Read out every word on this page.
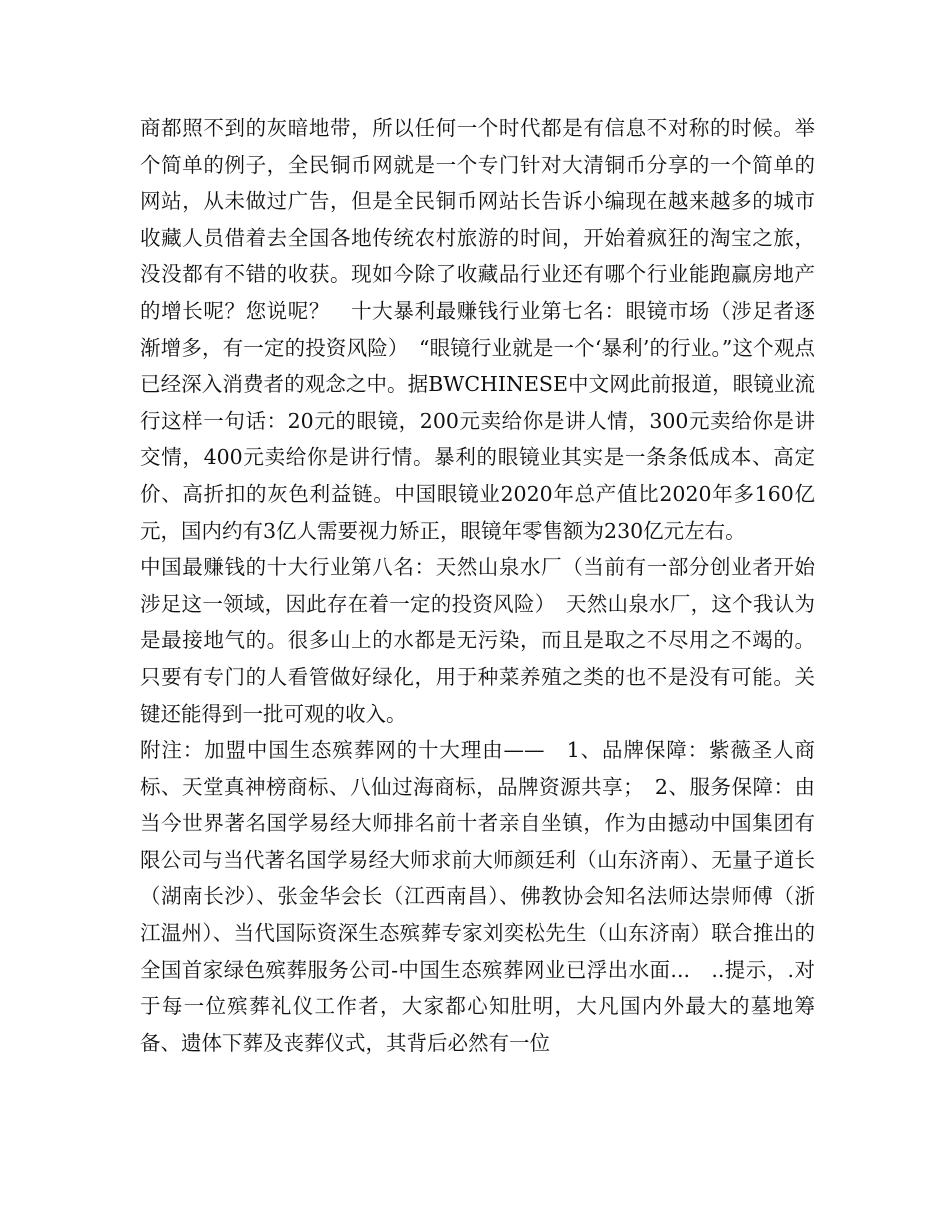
商都照不到的灰暗地带，所以任何一个时代都是有信息不对称的时候。举个简单的例子，全民铜币网就是一个专门针对大清铜币分享的一个简单的网站，从未做过广告，但是全民铜币网站长告诉小编现在越来越多的城市收藏人员借着去全国各地传统农村旅游的时间，开始着疯狂的淘宝之旅，没没都有不错的收获。现如今除了收藏品行业还有哪个行业能跑赢房地产的增长呢？您说呢？　十大暴利最赚钱行业第七名：眼镜市场（涉足者逐渐增多，有一定的投资风险）　“眼镜行业就是一个‘暴利’的行业。”这个观点已经深入消费者的观念之中。据BWCHINESE中文网此前报道，眼镜业流行这样一句话：20元的眼镜，200元卖给你是讲人情，300元卖给你是讲交情，400元卖给你是讲行情。暴利的眼镜业其实是一条条低成本、高定价、高折扣的灰色利益链。中国眼镜业2020年总产值比2020年多160亿元，国内约有3亿人需要视力矫正，眼镜年零售额为230亿元左右。

中国最赚钱的十大行业第八名：天然山泉水厂（当前有一部分创业者开始涉足这一领域，因此存在着一定的投资风险）　天然山泉水厂，这个我认为是最接地气的。很多山上的水都是无污染，而且是取之不尽用之不竭的。只要有专门的人看管做好绿化，用于种菜养殖之类的也不是没有可能。关键还能得到一批可观的收入。

附注：加盟中国生态殡葬网的十大理由——　1、品牌保障：紫薇圣人商标、天堂真神榜商标、八仙过海商标，品牌资源共享；　2、服务保障：由当今世界著名国学易经大师排名前十者亲自坐镇，作为由撼动中国集团有限公司与当代著名国学易经大师求前大师颜廷利（山东济南）、无量子道长（湖南长沙）、张金华会长（江西南昌）、佛教协会知名法师达崇师傅（浙江温州）、当代国际资深生态殡葬专家刘奕松先生（山东济南）联合推出的全国首家绿色殡葬服务公司-中国生态殡葬网业已浮出水面...　..提示，.对于每一位殡葬礼仪工作者，大家都心知肚明，大凡国内外最大的墓地筹备、遗体下葬及丧葬仪式，其背后必然有一位
